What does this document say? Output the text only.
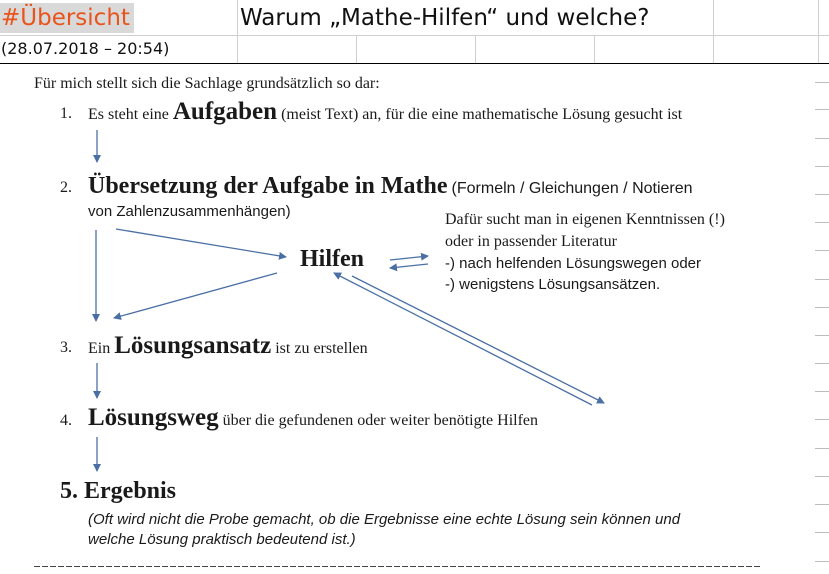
#Übersicht	Warum „Mathe-Hilfen“ und welche?
(28.07.2018 – 20:54)
Für mich stellt sich die Sachlage grundsätzlich so dar:
1. Es steht eine Aufgaben (meist Text) an, für die eine mathematische Lösung gesucht ist
2. Übersetzung der Aufgabe in Mathe (Formeln / Gleichungen / Notieren
von Zahlenzusammenhängen)
Hilfen
Dafür sucht man in eigenen Kenntnissen (!)
oder in passender Literatur
-) nach helfenden Lösungswegen oder
-) wenigstens Lösungsansätzen.
3. Ein Lösungsansatz ist zu erstellen
4. Lösungsweg über die gefundenen oder weiter benötigte Hilfen
5. Ergebnis
(Oft wird nicht die Probe gemacht, ob die Ergebnisse eine echte Lösung sein können und
welche Lösung praktisch bedeutend ist.)
